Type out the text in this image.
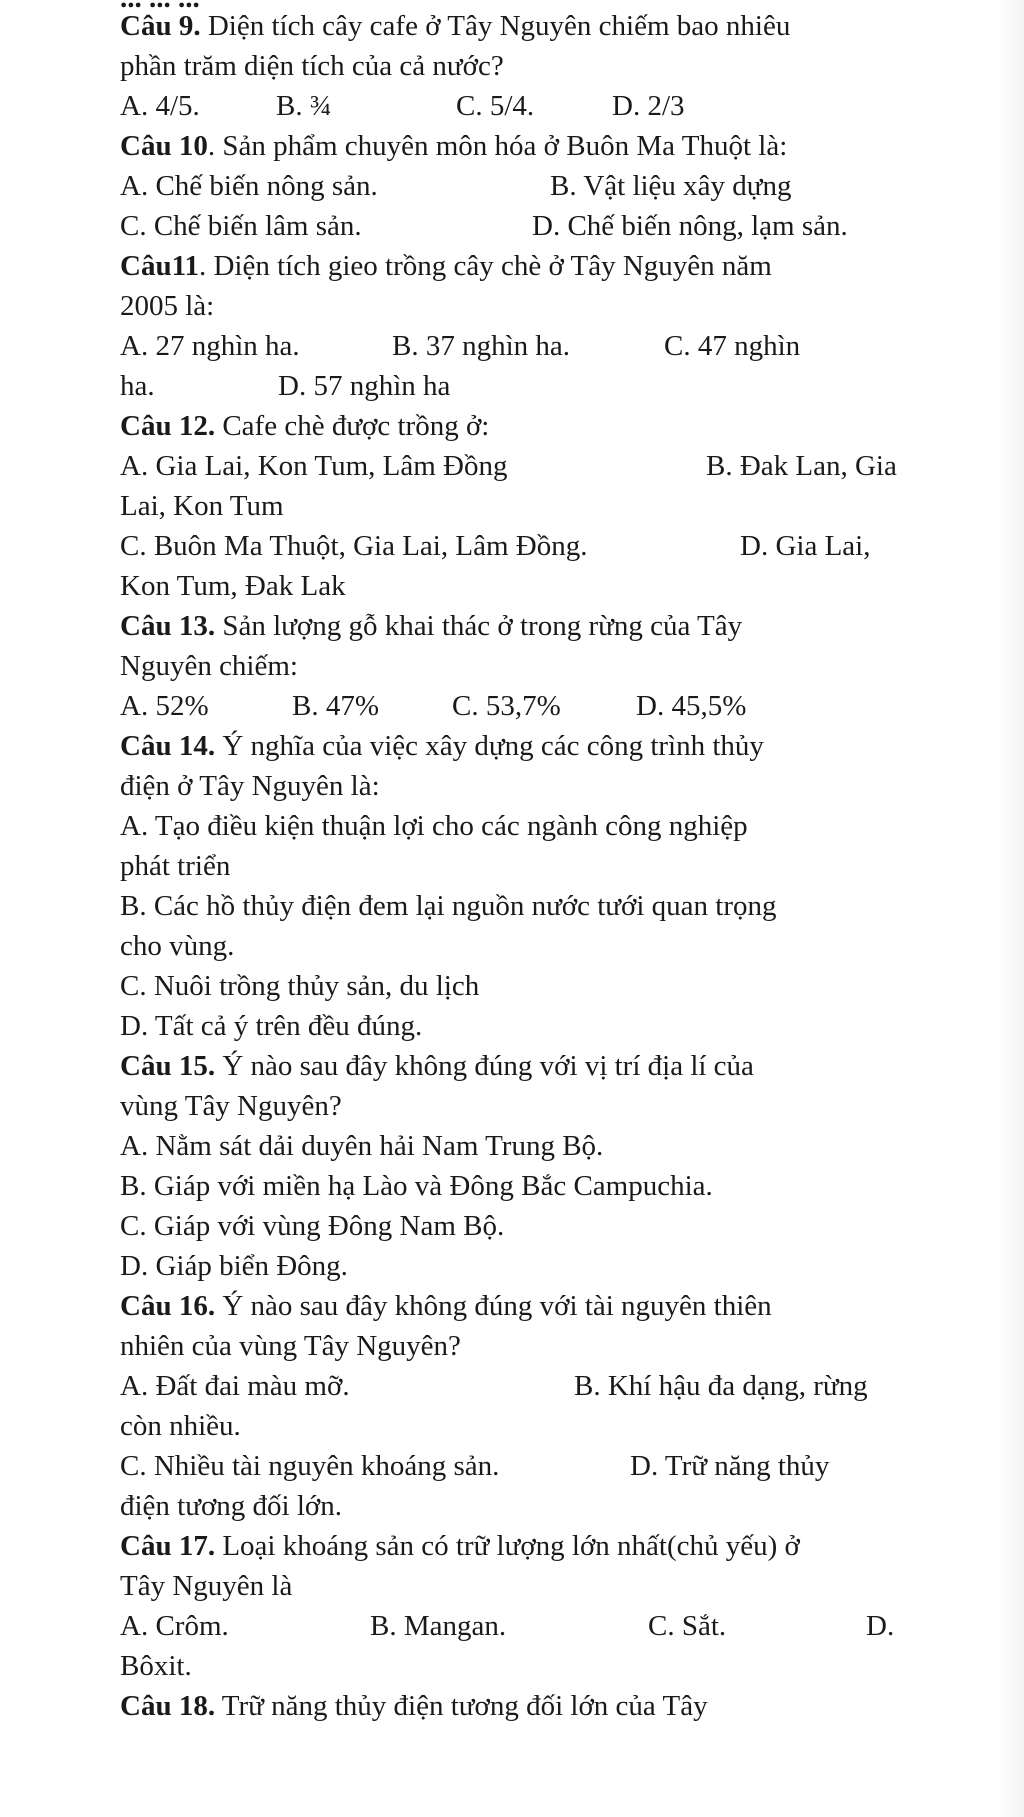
Câu 9. Diện tích cây cafe ở Tây Nguyên chiếm bao nhiêu
phần trăm diện tích của cả nước?
A. 4/5.	B. ¾	C. 5/4.	D. 2/3
Câu 10. Sản phẩm chuyên môn hóa ở Buôn Ma Thuột là:
A. Chế biến nông sản.	B. Vật liệu xây dựng
C. Chế biến lâm sản.	D. Chế biến nông, lạm sản.
Câu11. Diện tích gieo trồng cây chè ở Tây Nguyên năm
2005 là:
A. 27 nghìn ha.	B. 37 nghìn ha.	C. 47 nghìn
ha.	D. 57 nghìn ha
Câu 12. Cafe chè được trồng ở:
A. Gia Lai, Kon Tum, Lâm Đồng	B. Đak Lan, Gia
Lai, Kon Tum
C. Buôn Ma Thuột, Gia Lai, Lâm Đồng.	D. Gia Lai,
Kon Tum, Đak Lak
Câu 13. Sản lượng gỗ khai thác ở trong rừng của Tây
Nguyên chiếm:
A. 52%	B. 47%	C. 53,7%	D. 45,5%
Câu 14. Ý nghĩa của việc xây dựng các công trình thủy
điện ở Tây Nguyên là:
A. Tạo điều kiện thuận lợi cho các ngành công nghiệp
phát triển
B. Các hồ thủy điện đem lại nguồn nước tưới quan trọng
cho vùng.
C. Nuôi trồng thủy sản, du lịch
D. Tất cả ý trên đều đúng.
Câu 15. Ý nào sau đây không đúng với vị trí địa lí của
vùng Tây Nguyên?
A. Nằm sát dải duyên hải Nam Trung Bộ.
B. Giáp với miền hạ Lào và Đông Bắc Campuchia.
C. Giáp với vùng Đông Nam Bộ.
D. Giáp biển Đông.
Câu 16. Ý nào sau đây không đúng với tài nguyên thiên
nhiên của vùng Tây Nguyên?
A. Đất đai màu mỡ.	B. Khí hậu đa dạng, rừng
còn nhiều.
C. Nhiều tài nguyên khoáng sản.	D. Trữ năng thủy
điện tương đối lớn.
Câu 17. Loại khoáng sản có trữ lượng lớn nhất(chủ yếu) ở
Tây Nguyên là
A. Crôm.	B. Mangan.	C. Sắt.	D.
Bôxit.
Câu 18. Trữ năng thủy điện tương đối lớn của Tây
